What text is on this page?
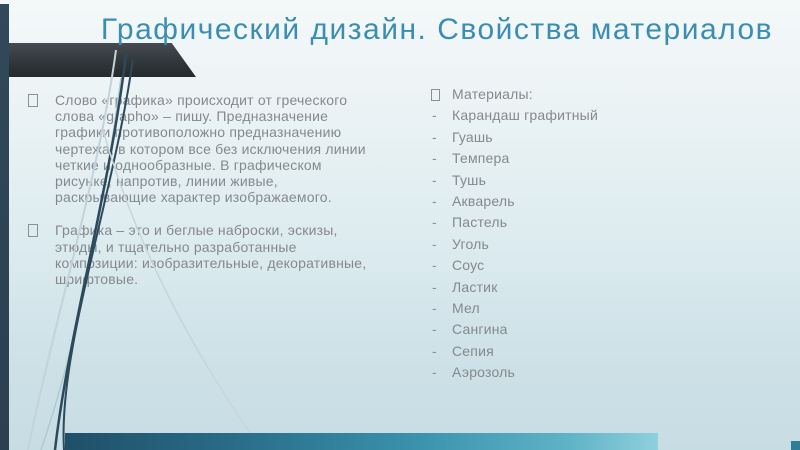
Графический дизайн. Свойства материалов

Слово «графика» происходит от греческого слова «grapho» – пишу. Предназначение графики противоположно предназначению чертежа, в котором все без исключения линии четкие и однообразные. В графическом рисунке, напротив, линии живые, раскрывающие характер изображаемого.

Графика – это и беглые наброски, эскизы, этюды, и тщательно разработанные композиции: изобразительные, декоративные, шрифтовые.

Материалы:
- Карандаш графитный
- Гуашь
- Темпера
- Тушь
- Акварель
- Пастель
- Уголь
- Соус
- Ластик
- Мел
- Сангина
- Сепия
- Аэрозоль
